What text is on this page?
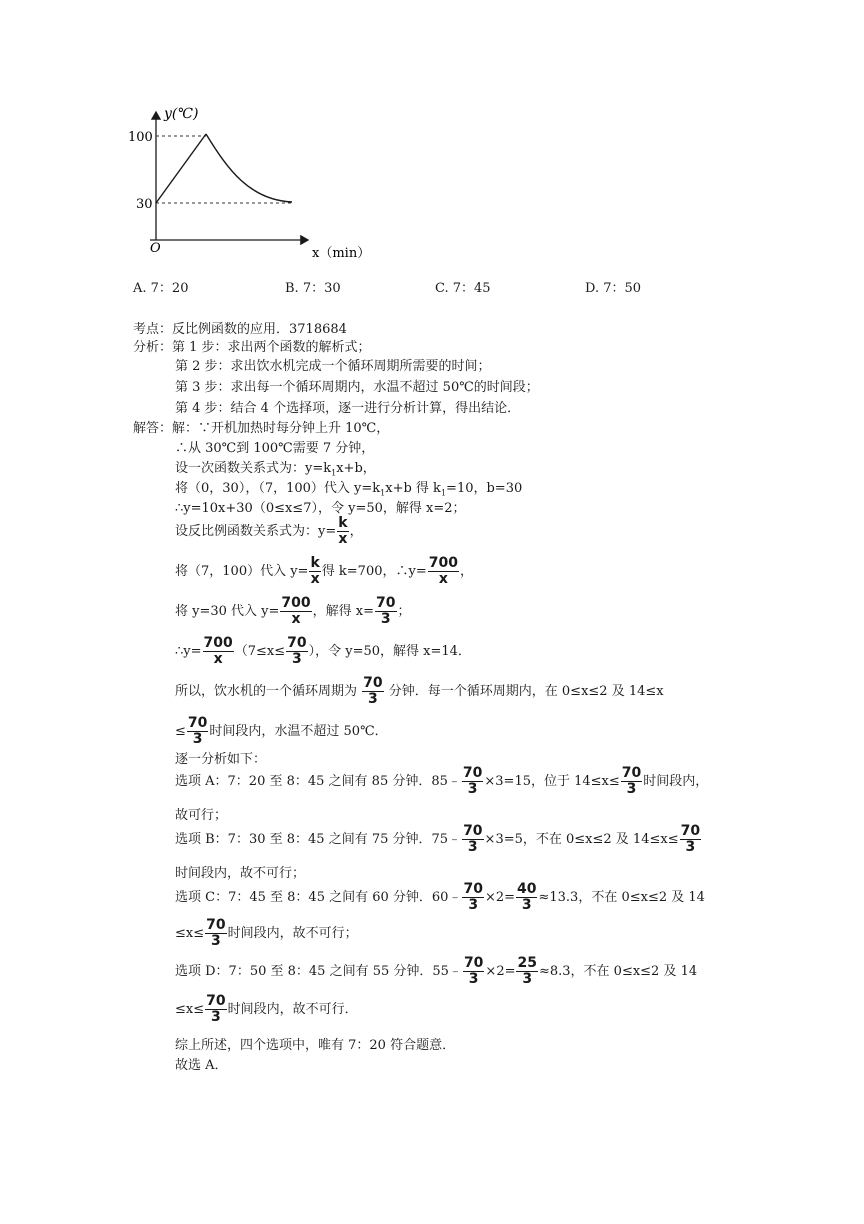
y(℃)
x（min）
O
100
30
A. 7：20	B. 7：30	C. 7：45	D. 7：50
考点：反比例函数的应用．3718684
分析：第 1 步：求出两个函数的解析式；
第 2 步：求出饮水机完成一个循环周期所需要的时间；
第 3 步：求出每一个循环周期内，水温不超过 50℃的时间段；
第 4 步：结合 4 个选择项，逐一进行分析计算，得出结论．
解答：解：∵开机加热时每分钟上升 10℃，
∴从 30℃到 100℃需要 7 分钟，
设一次函数关系式为：$y=k_1x+b$，
将（0，30），（7，100）代入 $y=k_1x+b$ 得 $k_1=10$，b=30
∴y=10x+30（0≤x≤7），令 y=50，解得 x=2；
设反比例函数关系式为：$y= \frac{k}{x}$ ，
将（7，100）代入 $y= \frac{k}{x}$ 得 k=700，∴y= $\frac{700}{x}$ ，
将 y=30 代入 $y= \frac{700}{x}$ ，解得 $x= \frac{70}{3}$ ；
∴y= $\frac{700}{x} (7\le x\le \frac{70}{3}$ ），令 y=50，解得 x=14．
所以，饮水机的一个循环周期为 $\frac{70}{3}$ 分钟．每一个循环周期内，在 0≤x≤2 及 14≤x
≤ $\frac{70}{3}$ 时间段内，水温不超过 50℃．
逐一分析如下：
选项 A：7：20 至 8：45 之间有 85 分钟．85﹣ $\frac{70}{3} \times 3=15$，位于 $14\le x\le \frac{70}{3}$ 时间段内，
故可行；
选项 B：7：30 至 8：45 之间有 75 分钟．75﹣ $\frac{70}{3} \times 3=5$，不在 0≤x≤2 及 $14\le x\le \frac{70}{3}$
时间段内，故不可行；
选项 C：7：45 至 8：45 之间有 60 分钟．60﹣ $\frac{70}{3} \times 2= \frac{40}{3} \approx 13.3$，不在 0≤x≤2 及 14
$\le x\le \frac{70}{3}$ 时间段内，故不可行；
选项 D：7：50 至 8：45 之间有 55 分钟．55﹣ $\frac{70}{3} \times 2= \frac{25}{3} \approx 8.3$，不在 0≤x≤2 及 14
$\le x\le \frac{70}{3}$ 时间段内，故不可行．
综上所述，四个选项中，唯有 7：20 符合题意．
故选 A．
